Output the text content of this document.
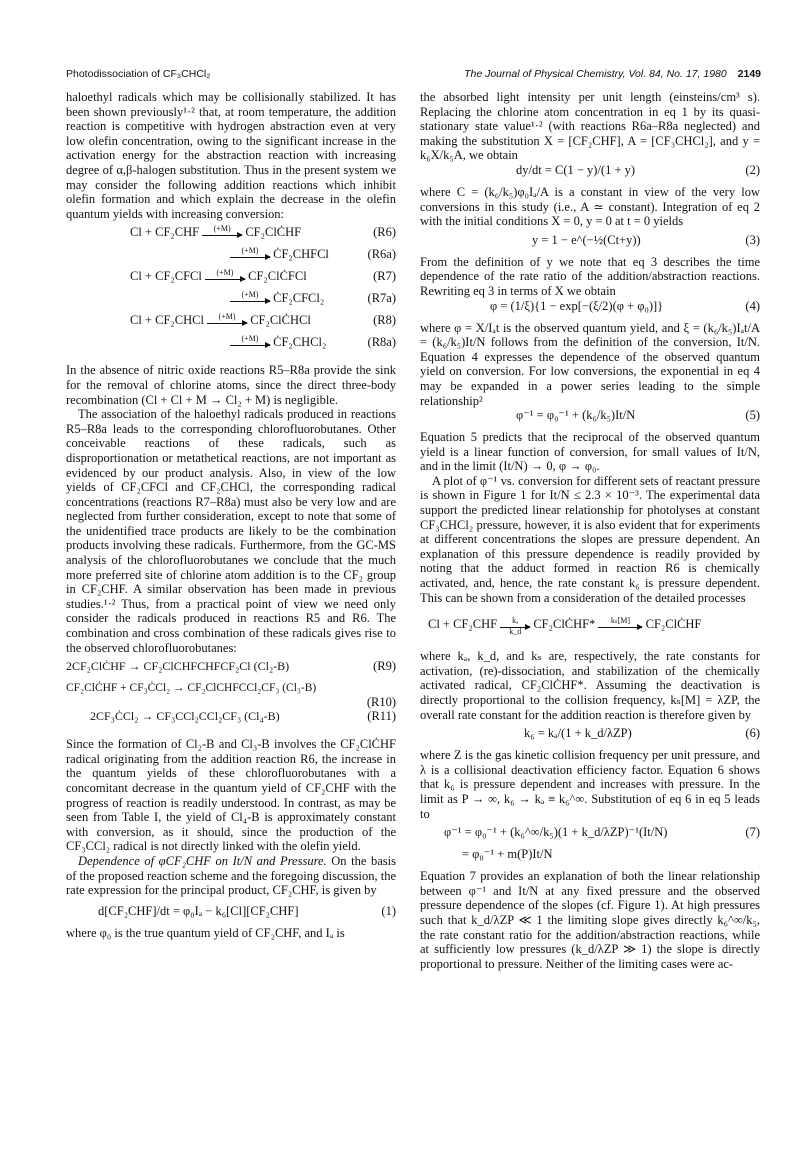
Photodissociation of CF₃CHCl₂	The Journal of Physical Chemistry, Vol. 84, No. 17, 1980 2149

haloethyl radicals which may be collisionally stabilized. It has been shown previously¹·² that, at room temperature, the addition reaction is competitive with hydrogen abstraction even at very low olefin concentration, owing to the significant increase in the activation energy for the abstraction reaction with increasing degree of α,β-halogen substitution. Thus in the present system we may consider the following addition reactions which inhibit olefin formation and which explain the decrease in the olefin quantum yields with increasing conversion:

Cl + CF₂CHF	(+M)	CF₂ClĊHF	(R6)
(+M)	ĊF₂CHFCl	(R6a)
Cl + CF₂CFCl	(+M)	CF₂ClĊFCl	(R7)
(+M)	ĊF₂CFCl₂	(R7a)
Cl + CF₂CHCl	(+M)	CF₂ClĊHCl	(R8)
(+M)	ĊF₂CHCl₂	(R8a)

In the absence of nitric oxide reactions R5–R8a provide the sink for the removal of chlorine atoms, since the direct three-body recombination (Cl + Cl + M → Cl₂ + M) is negligible.

The association of the haloethyl radicals produced in reactions R5–R8a leads to the corresponding chlorofluorobutanes. Other conceivable reactions of these radicals, such as disproportionation or metathetical reactions, are not important as evidenced by our product analysis. Also, in view of the low yields of CF₂CFCl and CF₂CHCl, the corresponding radical concentrations (reactions R7–R8a) must also be very low and are neglected from further consideration, except to note that some of the unidentified trace products are likely to be the combination products involving these radicals. Furthermore, from the GC-MS analysis of the chlorofluorobutanes we conclude that the much more preferred site of chlorine atom addition is to the CF₂ group in CF₂CHF. A similar observation has been made in previous studies.¹·² Thus, from a practical point of view we need only consider the radicals produced in reactions R5 and R6. The combination and cross combination of these radicals gives rise to the observed chlorofluorobutanes:

2CF₂ClĊHF → CF₂ClCHFCHFCF₂Cl (Cl₂-B)	(R9)
CF₂ClĊHF + CF₃ĊCl₂ → CF₂ClCHFCCl₂CF₃ (Cl₃-B)
(R10)
2CF₃ĊCl₂ → CF₃CCl₂CCl₂CF₃ (Cl₄-B)	(R11)

Since the formation of Cl₂-B and Cl₃-B involves the CF₂ClĊHF radical originating from the addition reaction R6, the increase in the quantum yields of these chlorofluorobutanes with a concomitant decrease in the quantum yield of CF₂CHF with the progress of reaction is readily understood. In contrast, as may be seen from Table I, the yield of Cl₄-B is approximately constant with conversion, as it should, since the production of the CF₃CCl₂ radical is not directly linked with the olefin yield.

Dependence of φCF₂CHF on It/N and Pressure. On the basis of the proposed reaction scheme and the foregoing discussion, the rate expression for the principal product, CF₂CHF, is given by

d[CF₂CHF]/dt = φ₀Iₐ − k₆[Cl][CF₂CHF]	(1)

where φ₀ is the true quantum yield of CF₂CHF, and Iₐ is

the absorbed light intensity per unit length (einsteins/cm³ s). Replacing the chlorine atom concentration in eq 1 by its quasi-stationary state value¹·² (with reactions R6a–R8a neglected) and making the substitution X = [CF₂CHF], A = [CF₃CHCl₂], and y = k₆X/k₅A, we obtain

dy/dt = C(1 − y)/(1 + y)	(2)

where C = (k₆/k₅)φ₀Iₐ/A is a constant in view of the very low conversions in this study (i.e., A ≃ constant). Integration of eq 2 with the initial conditions X = 0, y = 0 at t = 0 yields

y = 1 − e^(−½(Ct+y))	(3)

From the definition of y we note that eq 3 describes the time dependence of the rate ratio of the addition/abstraction reactions. Rewriting eq 3 in terms of X we obtain

φ = (1/ξ){1 − exp[−(ξ/2)(φ + φ₀)]}	(4)

where φ = X/Iₐt is the observed quantum yield, and ξ = (k₆/k₅)Iₐt/A = (k₆/k₅)It/N follows from the definition of the conversion, It/N. Equation 4 expresses the dependence of the observed quantum yield on conversion. For low conversions, the exponential in eq 4 may be expanded in a power series leading to the simple relationship²

φ⁻¹ = φ₀⁻¹ + (k₆/k₅)It/N	(5)

Equation 5 predicts that the reciprocal of the observed quantum yield is a linear function of conversion, for small values of It/N, and in the limit (It/N) → 0, φ → φ₀.

A plot of φ⁻¹ vs. conversion for different sets of reactant pressure is shown in Figure 1 for It/N ≤ 2.3 × 10⁻³. The experimental data support the predicted linear relationship for photolyses at constant CF₃CHCl₂ pressure, however, it is also evident that for experiments at different concentrations the slopes are pressure dependent. An explanation of this pressure dependence is readily provided by noting that the adduct formed in reaction R6 is chemically activated, and, hence, the rate constant k₆ is pressure dependent. This can be shown from a consideration of the detailed processes

$Cl + CF_2CHF \frac{\text{kₐ}}{k\_d}$ CF₂ClĊHF*	kₛ[M]	CF₂ClĊHF

where kₐ, k_d, and kₛ are, respectively, the rate constants for activation, (re)-dissociation, and stabilization of the chemically activated radical, CF₂ClĊHF*. Assuming the deactivation is directly proportional to the collision frequency, kₛ[M] = λZP, the overall rate constant for the addition reaction is therefore given by

k₆ = kₐ/(1 + k_d/λZP)	(6)

where Z is the gas kinetic collision frequency per unit pressure, and λ is a collisional deactivation efficiency factor. Equation 6 shows that k₆ is pressure dependent and increases with pressure. In the limit as P → ∞, k₆ → kₐ ≡ k₆^∞. Substitution of eq 6 in eq 5 leads to

φ⁻¹ = φ₀⁻¹ + (k₆^∞/k₅)(1 + k_d/λZP)⁻¹(It/N)	(7)
= φ₀⁻¹ + m(P)It/N

Equation 7 provides an explanation of both the linear relationship between φ⁻¹ and It/N at any fixed pressure and the observed pressure dependence of the slopes (cf. Figure 1). At high pressures such that k_d/λZP ≪ 1 the limiting slope gives directly k₆^∞/k₅, the rate constant ratio for the addition/abstraction reactions, while at sufficiently low pressures (k_d/λZP ≫ 1) the slope is directly proportional to pressure. Neither of the limiting cases were ac-
